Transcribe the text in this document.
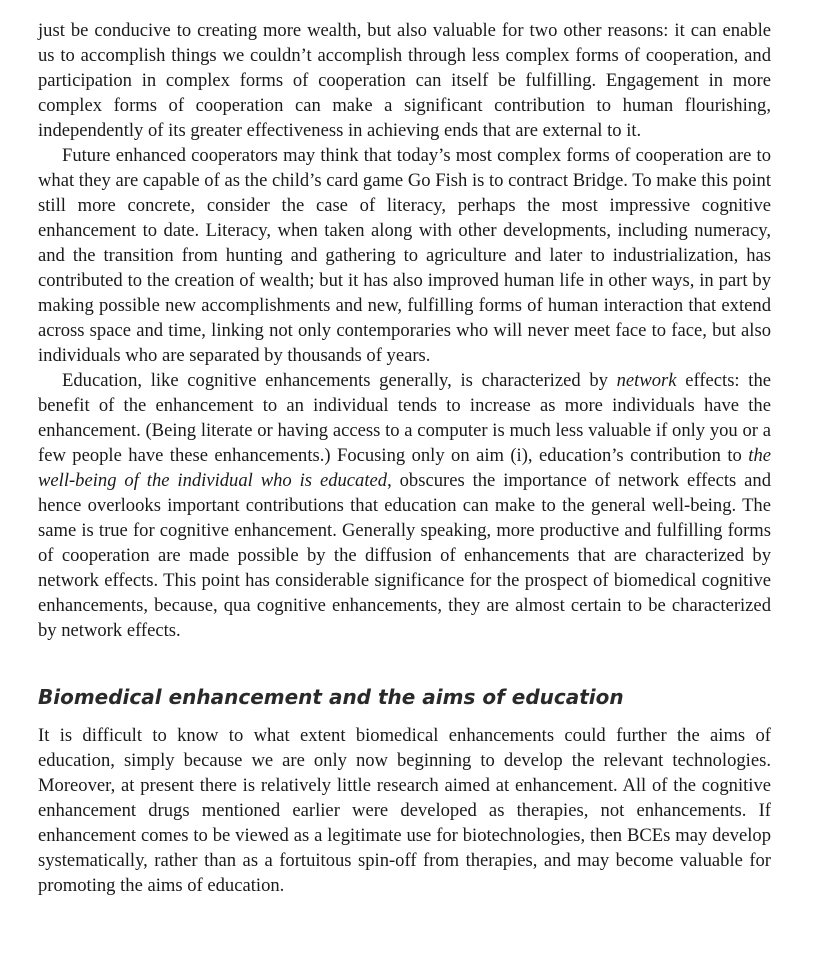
just be conducive to creating more wealth, but also valuable for two other reasons: it can enable us to accomplish things we couldn’t accomplish through less complex forms of cooperation, and participation in complex forms of cooperation can itself be fulfilling. Engagement in more complex forms of cooperation can make a significant contribution to human flourishing, independently of its greater effectiveness in achieving ends that are external to it.

Future enhanced cooperators may think that today’s most complex forms of cooperation are to what they are capable of as the child’s card game Go Fish is to contract Bridge. To make this point still more concrete, consider the case of literacy, perhaps the most impressive cognitive enhancement to date. Literacy, when taken along with other developments, including numeracy, and the transition from hunting and gathering to agriculture and later to industrialization, has contributed to the creation of wealth; but it has also improved human life in other ways, in part by making possible new accomplishments and new, fulfilling forms of human interaction that extend across space and time, linking not only contemporaries who will never meet face to face, but also individuals who are separated by thousands of years.

Education, like cognitive enhancements generally, is characterized by network effects: the benefit of the enhancement to an individual tends to increase as more individuals have the enhancement. (Being literate or having access to a computer is much less valuable if only you or a few people have these enhancements.) Focusing only on aim (i), education’s contribution to the well-being of the individual who is educated, obscures the importance of network effects and hence overlooks important contributions that education can make to the general well-being. The same is true for cognitive enhancement. Generally speaking, more productive and fulfilling forms of cooperation are made possible by the diffusion of enhancements that are characterized by network effects. This point has considerable significance for the prospect of biomedical cognitive enhancements, because, qua cognitive enhancements, they are almost certain to be characterized by network effects.

Biomedical enhancement and the aims of education

It is difficult to know to what extent biomedical enhancements could further the aims of education, simply because we are only now beginning to develop the relevant technologies. Moreover, at present there is relatively little research aimed at enhancement. All of the cognitive enhancement drugs mentioned earlier were developed as therapies, not enhancements. If enhancement comes to be viewed as a legitimate use for biotechnologies, then BCEs may develop systematically, rather than as a fortuitous spin-off from therapies, and may become valuable for promoting the aims of education.
